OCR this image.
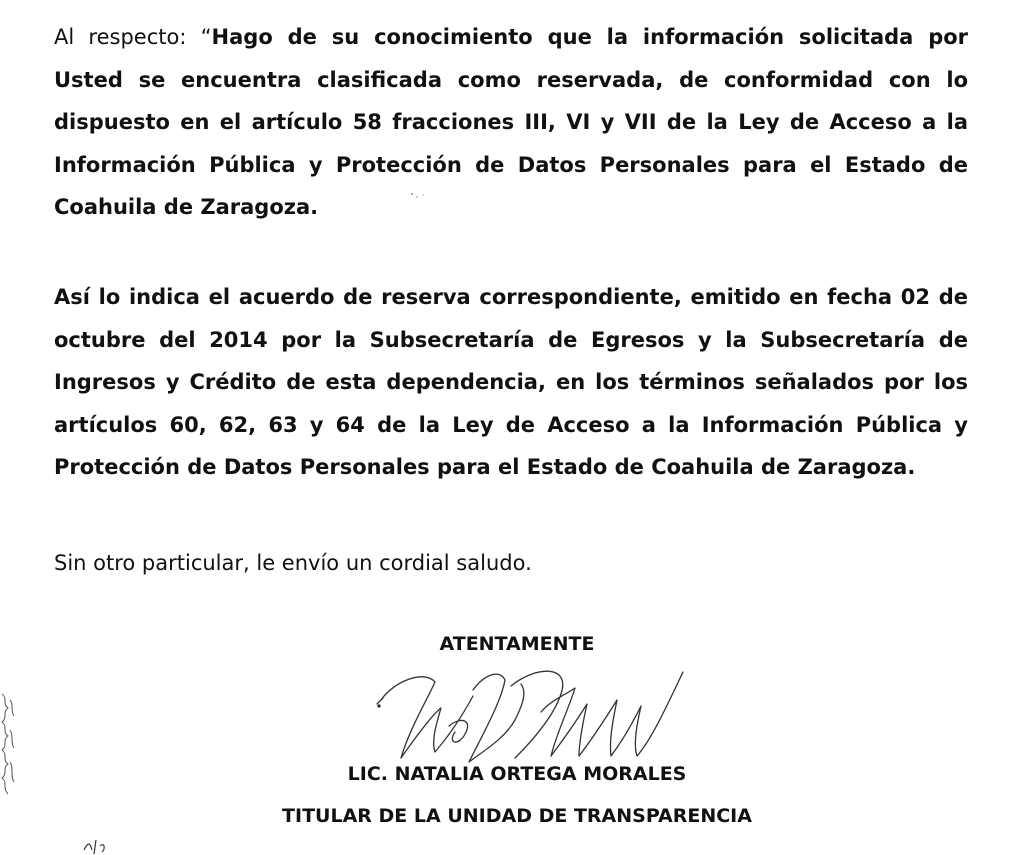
Al respecto: “Hago de su conocimiento que la información solicitada por
Usted se encuentra clasificada como reservada, de conformidad con lo
dispuesto en el artículo 58 fracciones III, VI y VII de la Ley de Acceso a la
Información Pública y Protección de Datos Personales para el Estado de
Coahuila de Zaragoza.
Así lo indica el acuerdo de reserva correspondiente, emitido en fecha 02 de
octubre del 2014 por la Subsecretaría de Egresos y la Subsecretaría de
Ingresos y Crédito de esta dependencia, en los términos señalados por los
artículos 60, 62, 63 y 64 de la Ley de Acceso a la Información Pública y
Protección de Datos Personales para el Estado de Coahuila de Zaragoza.

Sin otro particular, le envío un cordial saludo.

ATENTAMENTE

LIC. NATALIA ORTEGA MORALES

TITULAR DE LA UNIDAD DE TRANSPARENCIA
